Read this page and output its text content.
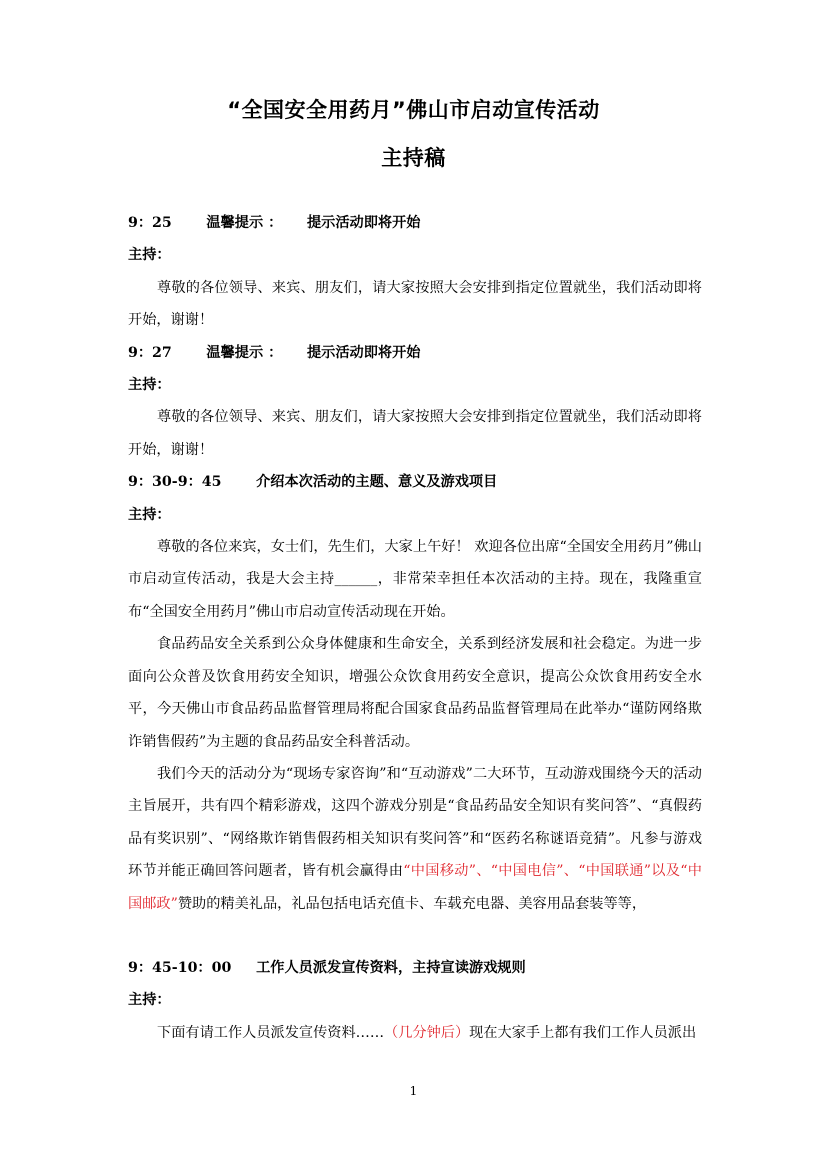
“全国安全用药月”佛山市启动宣传活动
主持稿

9：25 温馨提示 ： 提示活动即将开始

主持：

尊敬的各位领导、来宾、朋友们，请大家按照大会安排到指定位置就坐，我们活动即将开始，谢谢！

9：27 温馨提示 ： 提示活动即将开始

主持：

尊敬的各位领导、来宾、朋友们，请大家按照大会安排到指定位置就坐，我们活动即将开始，谢谢！

9：30-9：45 介绍本次活动的主题、意义及游戏项目

主持：

尊敬的各位来宾，女士们，先生们，大家上午好！ 欢迎各位出席“全国安全用药月”佛山市启动宣传活动，我是大会主持______，非常荣幸担任本次活动的主持。现在，我隆重宣布“全国安全用药月”佛山市启动宣传活动现在开始。

食品药品安全关系到公众身体健康和生命安全，关系到经济发展和社会稳定。为进一步面向公众普及饮食用药安全知识，增强公众饮食用药安全意识，提高公众饮食用药安全水平，今天佛山市食品药品监督管理局将配合国家食品药品监督管理局在此举办“谨防网络欺诈销售假药”为主题的食品药品安全科普活动。

我们今天的活动分为“现场专家咨询”和“互动游戏”二大环节，互动游戏围绕今天的活动主旨展开，共有四个精彩游戏，这四个游戏分别是“食品药品安全知识有奖问答”、“真假药品有奖识别”、“网络欺诈销售假药相关知识有奖问答”和“医药名称谜语竞猜”。凡参与游戏环节并能正确回答问题者，皆有机会赢得由“中国移动”、“中国电信”、“中国联通”以及“中国邮政”赞助的精美礼品，礼品包括电话充值卡、车载充电器、美容用品套装等等，

9：45-10：00 工作人员派发宣传资料，主持宣读游戏规则

主持：

下面有请工作人员派发宣传资料……（几分钟后）现在大家手上都有我们工作人员派出

1
